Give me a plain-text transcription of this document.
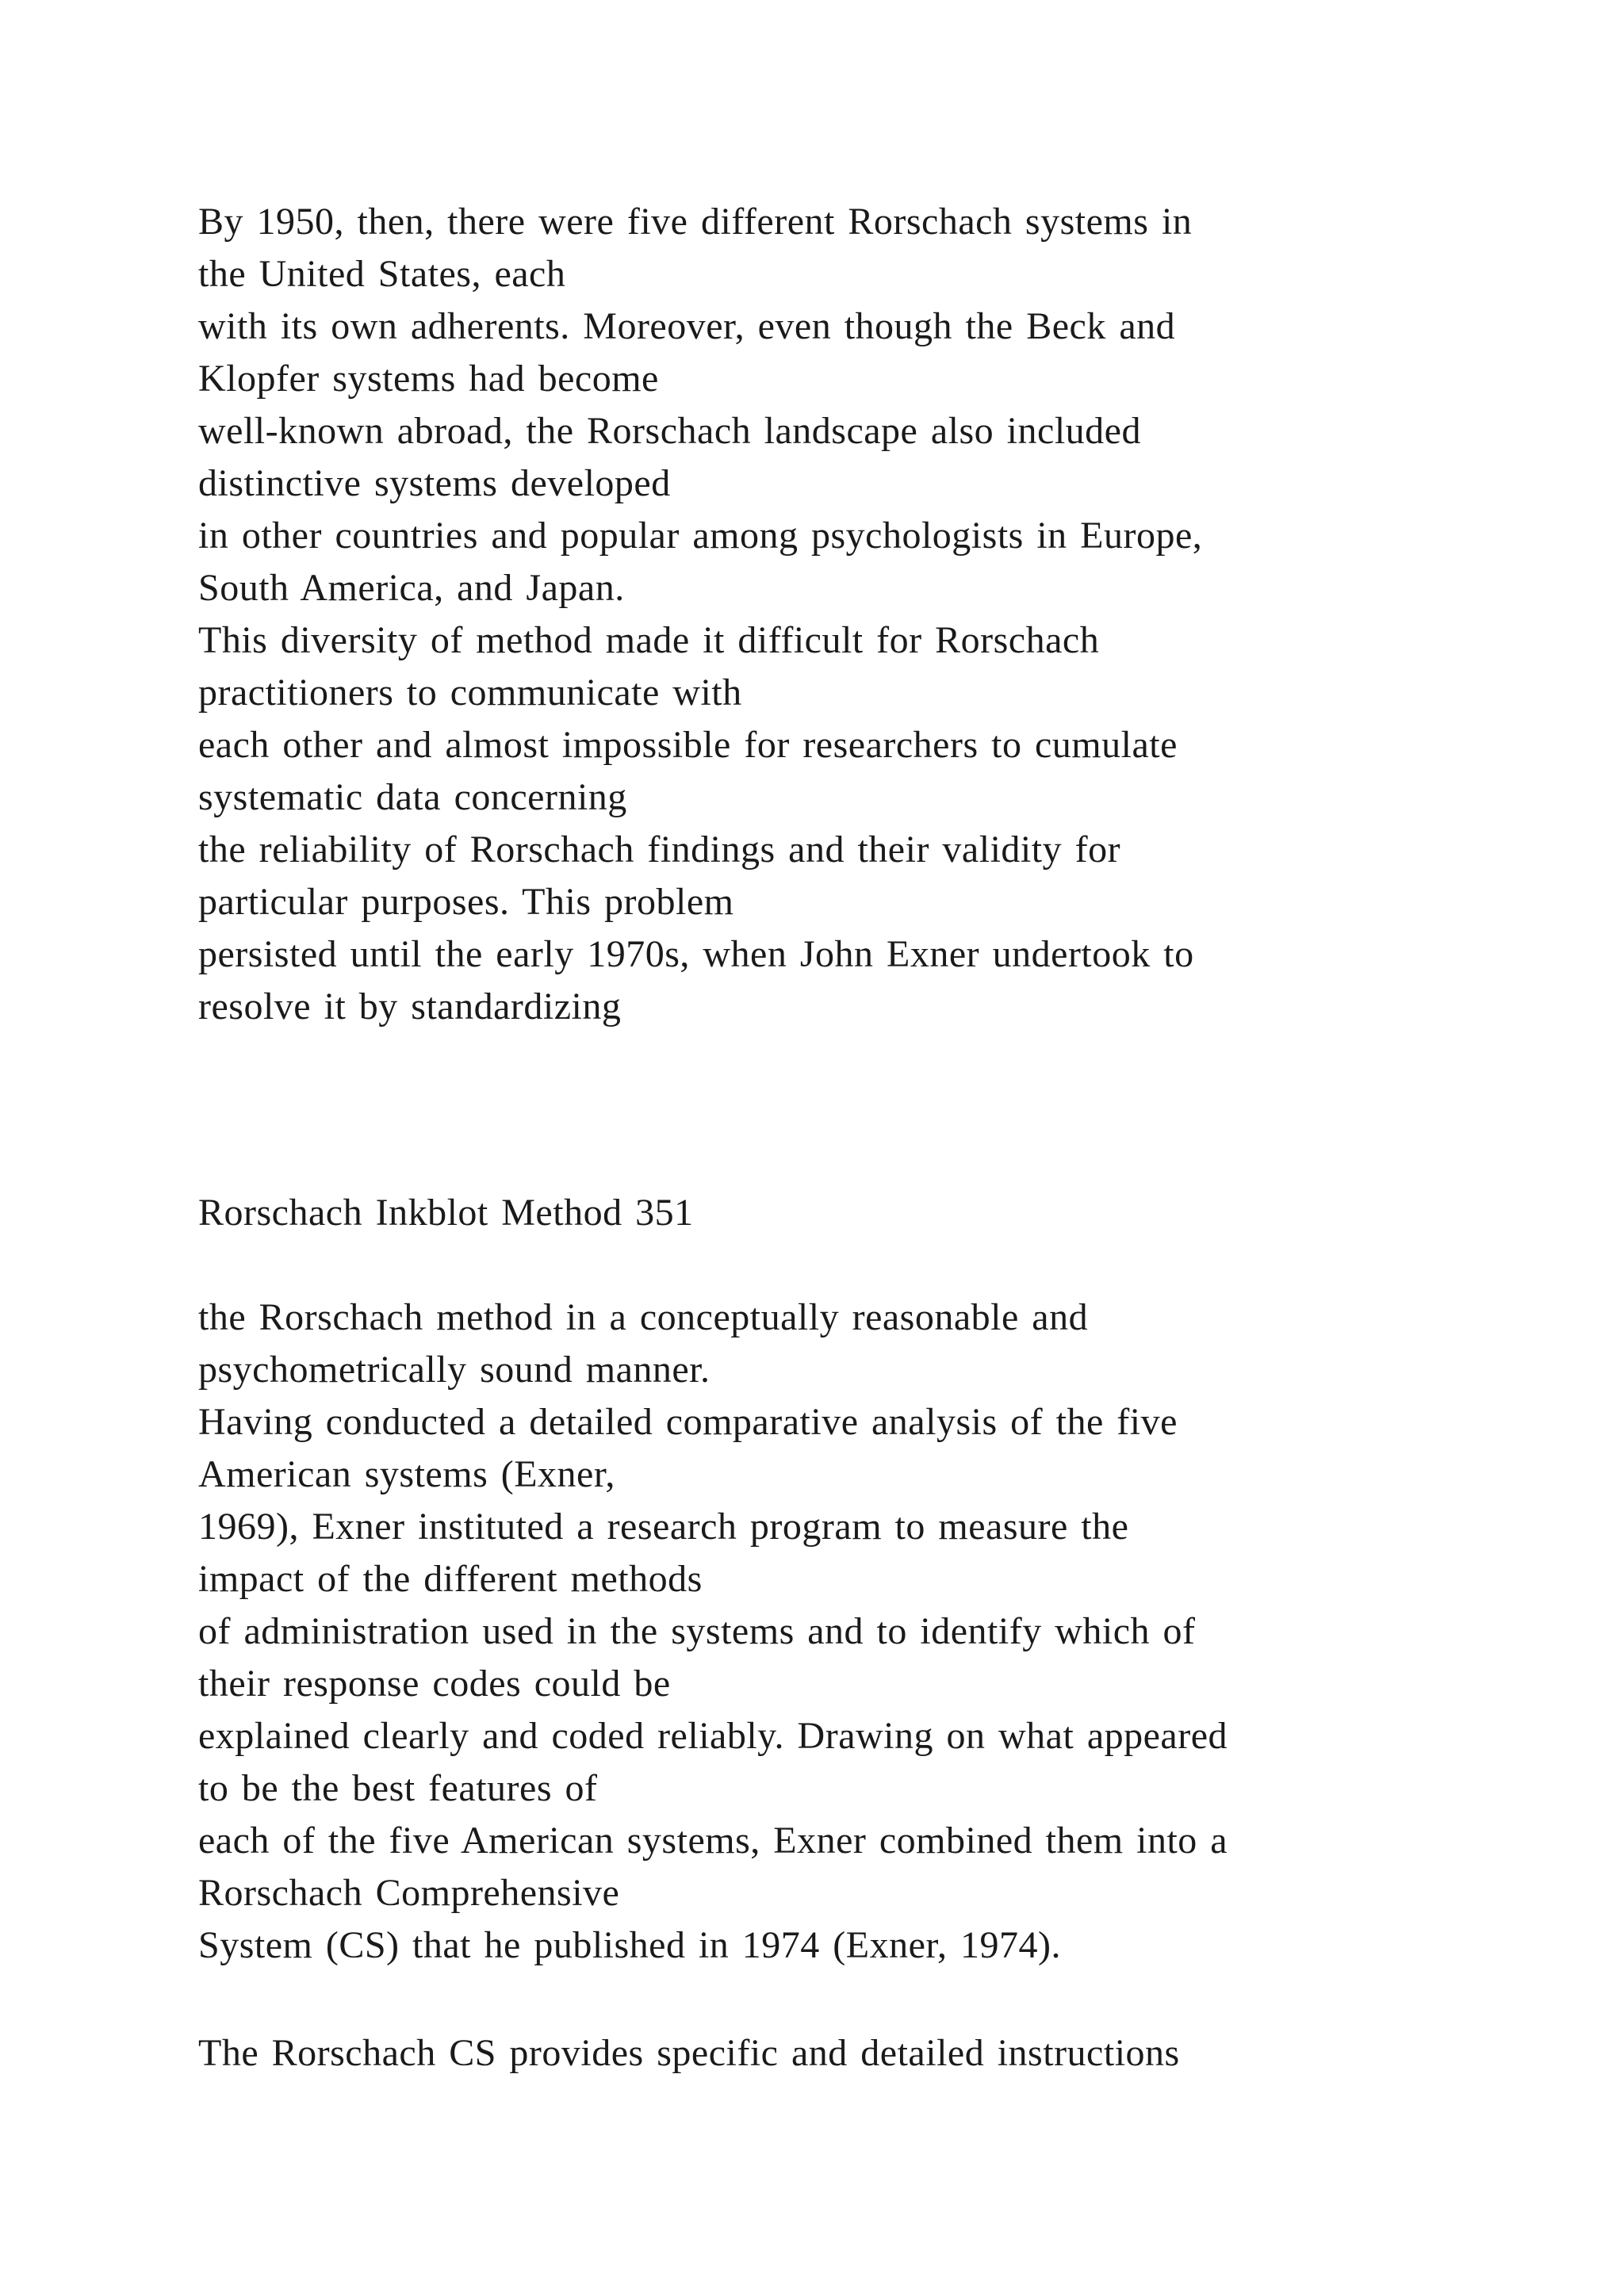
By 1950, then, there were five different Rorschach systems in
the United States, each
with its own adherents. Moreover, even though the Beck and
Klopfer systems had become
well-known abroad, the Rorschach landscape also included
distinctive systems developed
in other countries and popular among psychologists in Europe,
South America, and Japan.
This diversity of method made it difficult for Rorschach
practitioners to communicate with
each other and almost impossible for researchers to cumulate
systematic data concerning
the reliability of Rorschach findings and their validity for
particular purposes. This problem
persisted until the early 1970s, when John Exner undertook to
resolve it by standardizing
Rorschach Inkblot Method 351
the Rorschach method in a conceptually reasonable and
psychometrically sound manner.
Having conducted a detailed comparative analysis of the five
American systems (Exner,
1969), Exner instituted a research program to measure the
impact of the different methods
of administration used in the systems and to identify which of
their response codes could be
explained clearly and coded reliably. Drawing on what appeared
to be the best features of
each of the five American systems, Exner combined them into a
Rorschach Comprehensive
System (CS) that he published in 1974 (Exner, 1974).
The Rorschach CS provides specific and detailed instructions
